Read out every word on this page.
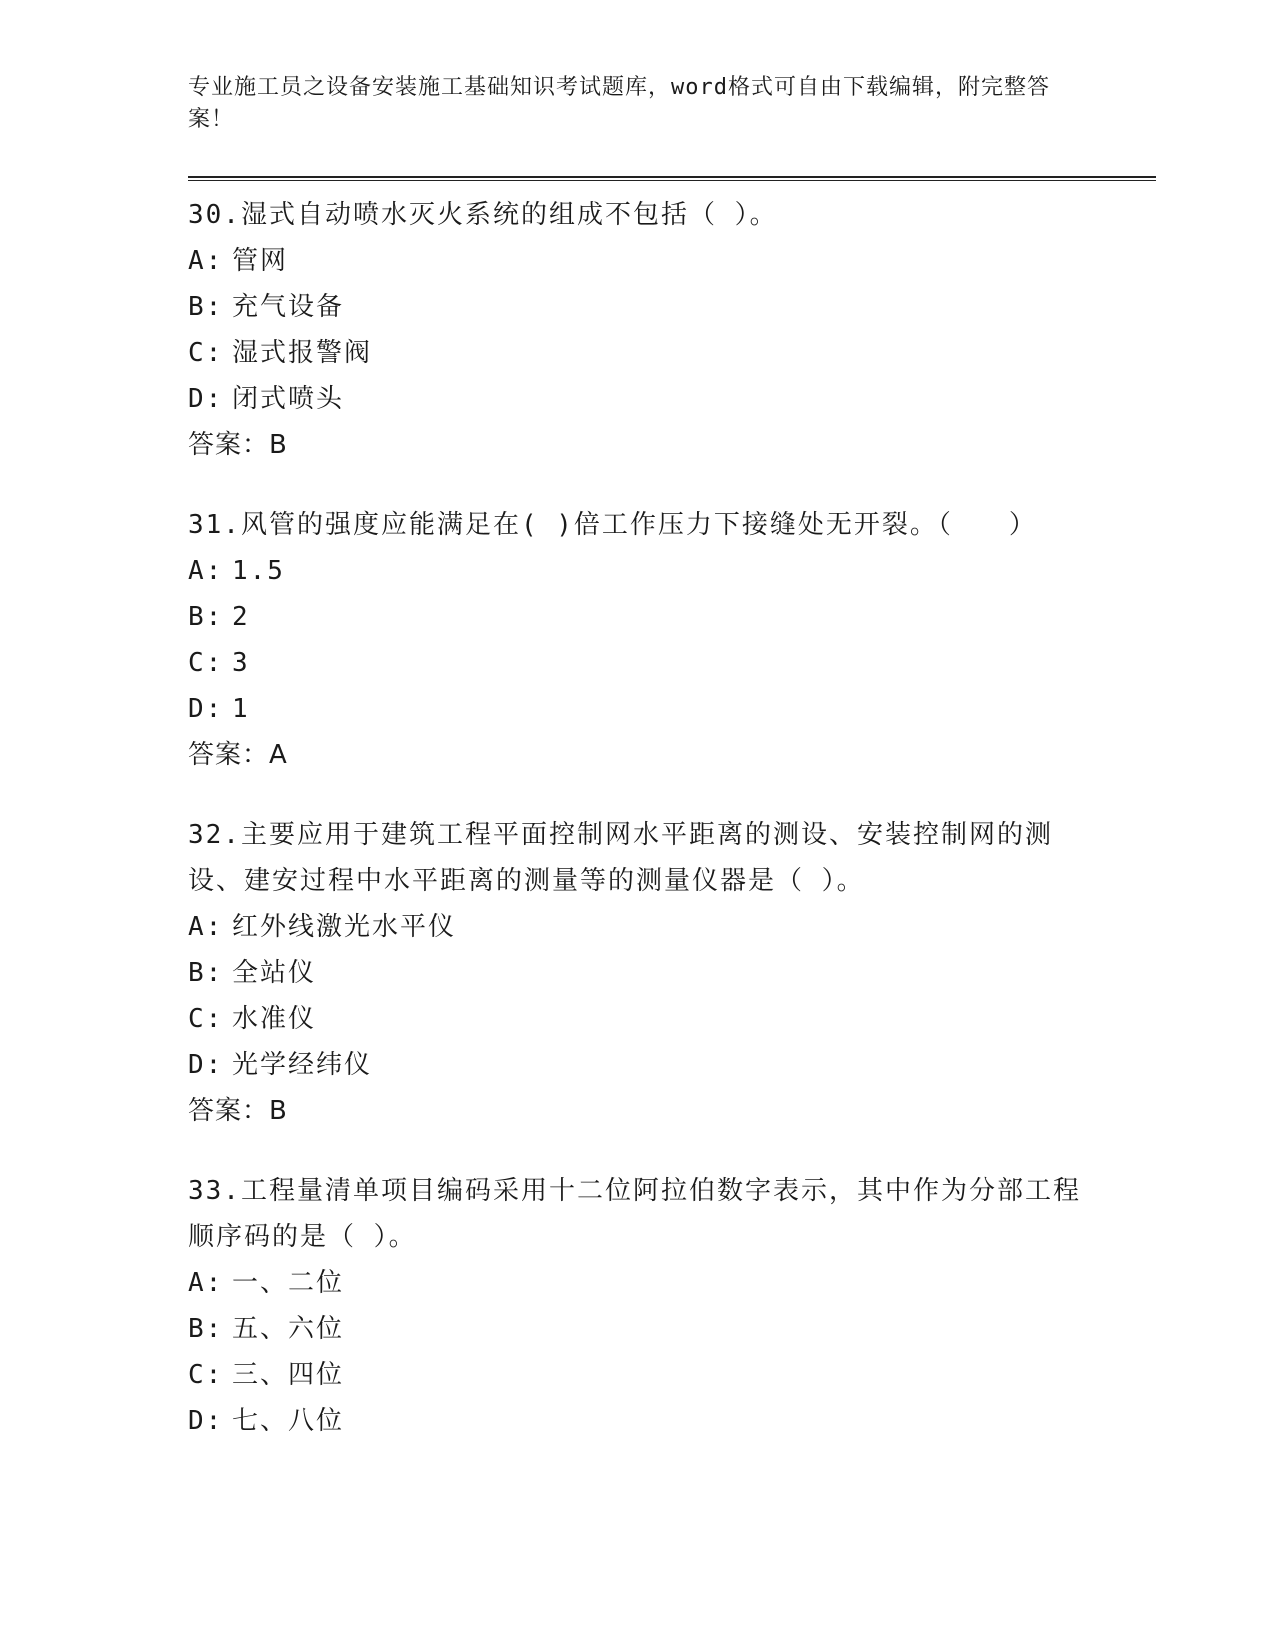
专业施工员之设备安装施工基础知识考试题库，word格式可自由下载编辑，附完整答案！

30.湿式自动喷水灭火系统的组成不包括（ ）。

A: 管网

B: 充气设备

C: 湿式报警阀

D: 闭式喷头

答案：B

31.风管的强度应能满足在( )倍工作压力下接缝处无开裂。（　　）

A: 1.5

B: 2

C: 3

D: 1

答案：A

32.主要应用于建筑工程平面控制网水平距离的测设、安装控制网的测设、建安过程中水平距离的测量等的测量仪器是（ ）。

A: 红外线激光水平仪

B: 全站仪

C: 水准仪

D: 光学经纬仪

答案：B

33.工程量清单项目编码采用十二位阿拉伯数字表示，其中作为分部工程顺序码的是（ ）。

A: 一、二位

B: 五、六位

C: 三、四位

D: 七、八位
